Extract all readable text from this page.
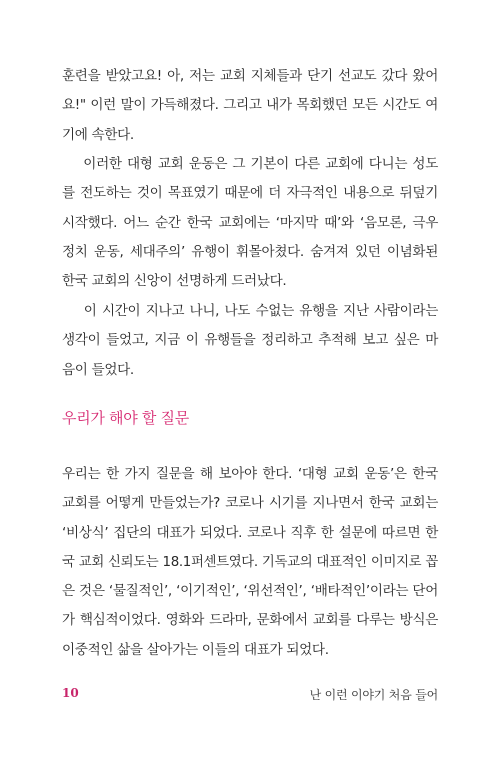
훈련을 받았고요! 아, 저는 교회 지체들과 단기 선교도 갔다 왔어
요!" 이런 말이 가득해졌다. 그리고 내가 목회했던 모든 시간도 여
기에 속한다.
이러한 대형 교회 운동은 그 기본이 다른 교회에 다니는 성도
를 전도하는 것이 목표였기 때문에 더 자극적인 내용으로 뒤덮기
시작했다. 어느 순간 한국 교회에는 ‘마지막 때’와 ‘음모론, 극우
정치 운동, 세대주의’ 유행이 휘몰아쳤다. 숨겨져 있던 이념화된
한국 교회의 신앙이 선명하게 드러났다.
이 시간이 지나고 나니, 나도 수없는 유행을 지난 사람이라는
생각이 들었고, 지금 이 유행들을 정리하고 추적해 보고 싶은 마
음이 들었다.
우리가 해야 할 질문
우리는 한 가지 질문을 해 보아야 한다. ‘대형 교회 운동’은 한국
교회를 어떻게 만들었는가? 코로나 시기를 지나면서 한국 교회는
‘비상식’ 집단의 대표가 되었다. 코로나 직후 한 설문에 따르면 한
국 교회 신뢰도는 18.1퍼센트였다. 기독교의 대표적인 이미지로 꼽
은 것은 ‘물질적인’, ‘이기적인’, ‘위선적인’, ‘배타적인’이라는 단어
가 핵심적이었다. 영화와 드라마, 문화에서 교회를 다루는 방식은
이중적인 삶을 살아가는 이들의 대표가 되었다.
10	난 이런 이야기 처음 들어
